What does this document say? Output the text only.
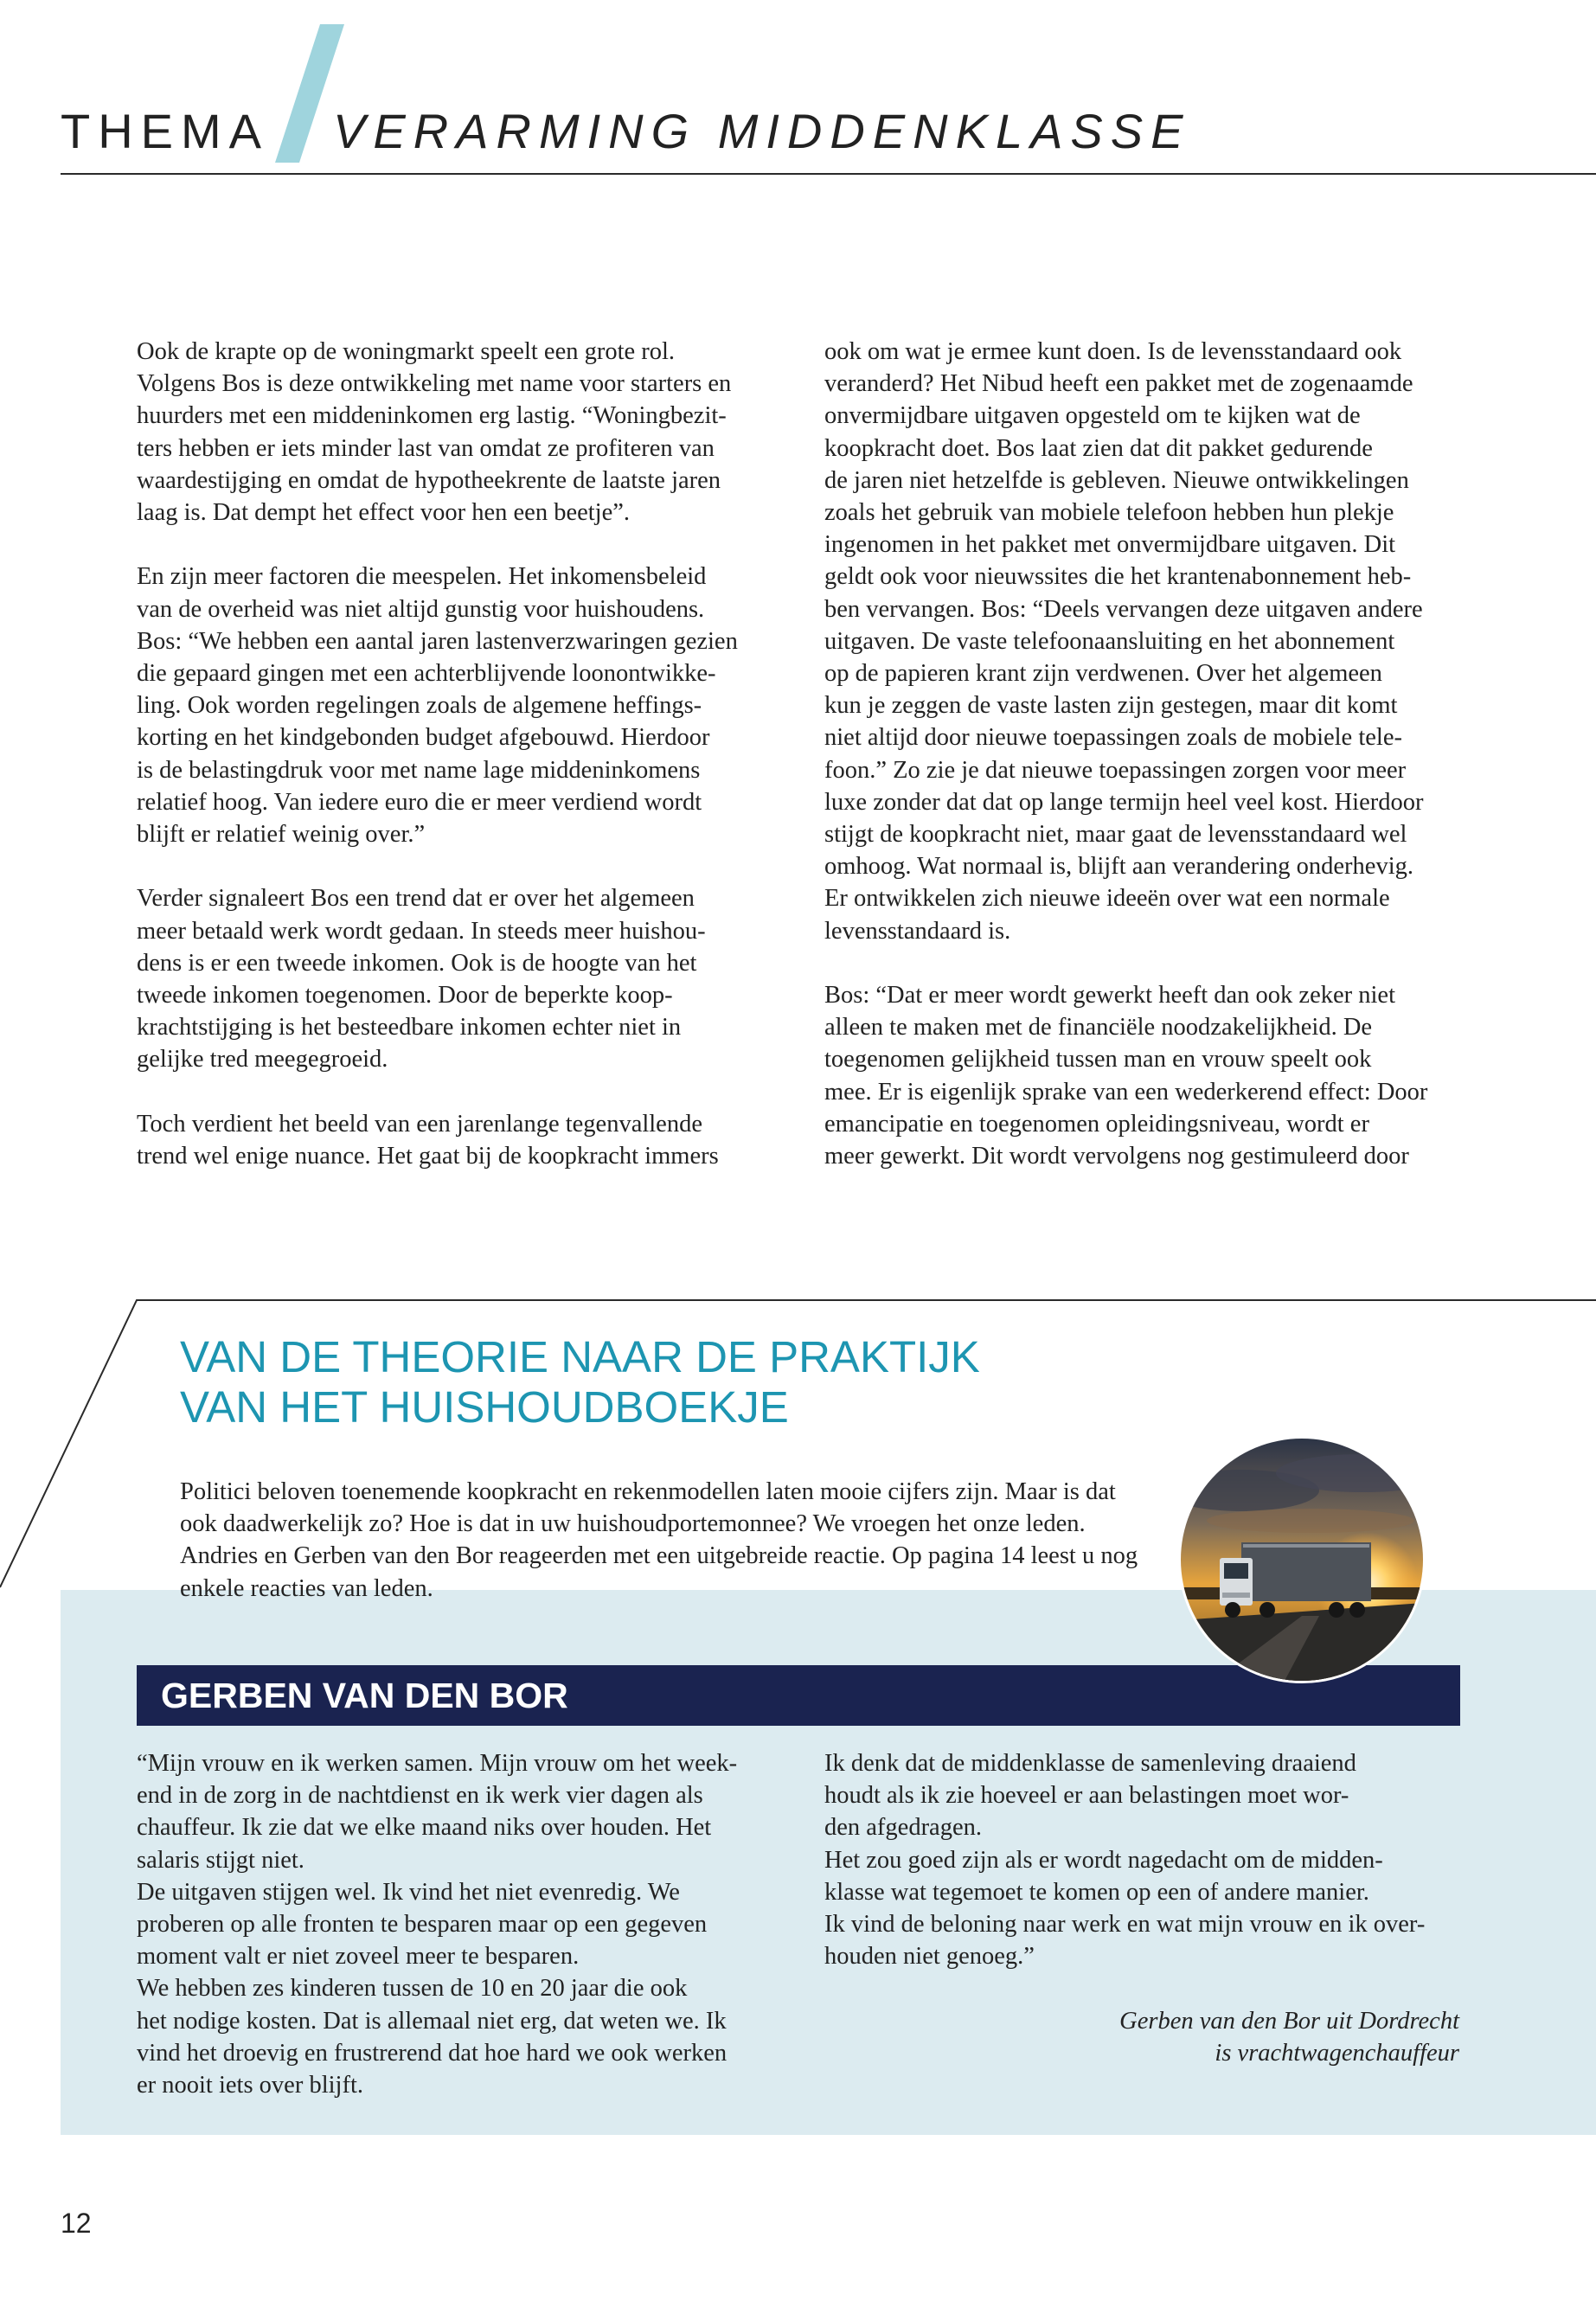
THEMA VERARMING MIDDENKLASSE

Ook de krapte op de woningmarkt speelt een grote rol.
Volgens Bos is deze ontwikkeling met name voor starters en
huurders met een middeninkomen erg lastig. “Woningbezit-
ters hebben er iets minder last van omdat ze profiteren van
waardestijging en omdat de hypotheekrente de laatste jaren
laag is. Dat dempt het effect voor hen een beetje”.

En zijn meer factoren die meespelen. Het inkomensbeleid
van de overheid was niet altijd gunstig voor huishoudens.
Bos: “We hebben een aantal jaren lastenverzwaringen gezien
die gepaard gingen met een achterblijvende loonontwikke-
ling. Ook worden regelingen zoals de algemene heffings-
korting en het kindgebonden budget afgebouwd. Hierdoor
is de belastingdruk voor met name lage middeninkomens
relatief hoog. Van iedere euro die er meer verdiend wordt
blijft er relatief weinig over.”

Verder signaleert Bos een trend dat er over het algemeen
meer betaald werk wordt gedaan. In steeds meer huishou-
dens is er een tweede inkomen. Ook is de hoogte van het
tweede inkomen toegenomen. Door de beperkte koop-
krachtstijging is het besteedbare inkomen echter niet in
gelijke tred meegegroeid.

Toch verdient het beeld van een jarenlange tegenvallende
trend wel enige nuance. Het gaat bij de koopkracht immers

ook om wat je ermee kunt doen. Is de levensstandaard ook
veranderd? Het Nibud heeft een pakket met de zogenaamde
onvermijdbare uitgaven opgesteld om te kijken wat de
koopkracht doet. Bos laat zien dat dit pakket gedurende
de jaren niet hetzelfde is gebleven. Nieuwe ontwikkelingen
zoals het gebruik van mobiele telefoon hebben hun plekje
ingenomen in het pakket met onvermijdbare uitgaven. Dit
geldt ook voor nieuwssites die het krantenabonnement heb-
ben vervangen. Bos: “Deels vervangen deze uitgaven andere
uitgaven. De vaste telefoonaansluiting en het abonnement
op de papieren krant zijn verdwenen. Over het algemeen
kun je zeggen de vaste lasten zijn gestegen, maar dit komt
niet altijd door nieuwe toepassingen zoals de mobiele tele-
foon.” Zo zie je dat nieuwe toepassingen zorgen voor meer
luxe zonder dat dat op lange termijn heel veel kost. Hierdoor
stijgt de koopkracht niet, maar gaat de levensstandaard wel
omhoog. Wat normaal is, blijft aan verandering onderhevig.
Er ontwikkelen zich nieuwe ideeën over wat een normale
levensstandaard is.

Bos: “Dat er meer wordt gewerkt heeft dan ook zeker niet
alleen te maken met de financiële noodzakelijkheid. De
toegenomen gelijkheid tussen man en vrouw speelt ook
mee. Er is eigenlijk sprake van een wederkerend effect: Door
emancipatie en toegenomen opleidingsniveau, wordt er
meer gewerkt. Dit wordt vervolgens nog gestimuleerd door

VAN DE THEORIE NAAR DE PRAKTIJK
VAN HET HUISHOUDBOEKJE

Politici beloven toenemende koopkracht en rekenmodellen laten mooie cijfers zijn. Maar is dat ook daadwerkelijk zo? Hoe is dat in uw huishoudportemonnee? We vroegen het onze leden. Andries en Gerben van den Bor reageerden met een uitgebreide reactie. Op pagina 14 leest u nog enkele reacties van leden.

GERBEN VAN DEN BOR

“Mijn vrouw en ik werken samen. Mijn vrouw om het week-
end in de zorg in de nachtdienst en ik werk vier dagen als
chauffeur. Ik zie dat we elke maand niks over houden. Het
salaris stijgt niet.
De uitgaven stijgen wel. Ik vind het niet evenredig. We
proberen op alle fronten te besparen maar op een gegeven
moment valt er niet zoveel meer te besparen.
We hebben zes kinderen tussen de 10 en 20 jaar die ook
het nodige kosten. Dat is allemaal niet erg, dat weten we. Ik
vind het droevig en frustrerend dat hoe hard we ook werken
er nooit iets over blijft.

Ik denk dat de middenklasse de samenleving draaiend
houdt als ik zie hoeveel er aan belastingen moet wor-
den afgedragen.
Het zou goed zijn als er wordt nagedacht om de midden-
klasse wat tegemoet te komen op een of andere manier.
Ik vind de beloning naar werk en wat mijn vrouw en ik over-
houden niet genoeg.”

Gerben van den Bor uit Dordrecht
is vrachtwagenchauffeur
12
